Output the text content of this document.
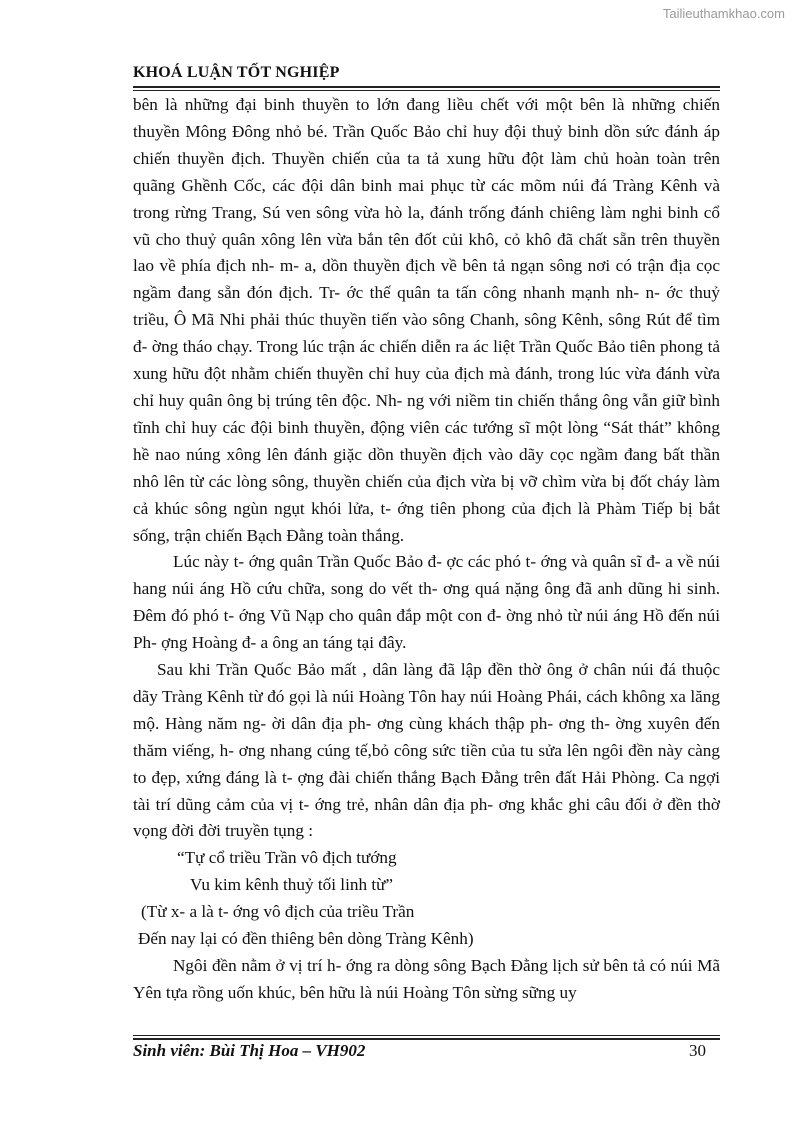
Tailieuthamkhao.com
KHOÁ LUẬN TỐT NGHIỆP

bên là những đại binh thuyền to lớn đang liều chết với một bên là những chiến thuyền Mông Đông nhỏ bé. Trần Quốc Bảo chỉ huy đội thuỷ binh dồn sức đánh áp chiến thuyền địch. Thuyền chiến của ta tả xung hữu đột làm chủ hoàn toàn trên quãng Ghềnh Cốc, các đội dân binh mai phục từ các mõm núi đá Tràng Kênh và trong rừng Trang, Sú ven sông vừa hò la, đánh trống đánh chiêng làm nghi binh cổ vũ cho thuỷ quân xông lên vừa bắn tên đốt củi khô, cỏ khô đã chất sẵn trên thuyền lao về phía địch nh- m- a, dồn thuyền địch về bên tả ngạn sông nơi có trận địa cọc ngầm đang sẵn đón địch. Tr- ớc thế quân ta tấn công nhanh mạnh nh- n- ớc thuỷ triều, Ô Mã Nhi phải thúc thuyền tiến vào sông Chanh, sông Kênh, sông Rút để tìm đ- ờng tháo chạy. Trong lúc trận ác chiến diễn ra ác liệt Trần Quốc Bảo tiên phong tả xung hữu đột nhằm chiến thuyền chỉ huy của địch mà đánh, trong lúc vừa đánh vừa chỉ huy quân ông bị trúng tên độc. Nh- ng với niềm tin chiến thắng ông vẫn giữ bình tĩnh chỉ huy các đội binh thuyền, động viên các tướng sĩ một lòng “Sát thát” không hề nao núng xông lên đánh giặc dồn thuyền địch vào dãy cọc ngầm đang bất thần nhô lên từ các lòng sông, thuyền chiến của địch vừa bị vỡ chìm vừa bị đốt cháy làm cả khúc sông ngùn ngụt khói lửa, t- ớng tiên phong của địch là Phàm Tiếp bị bắt sống, trận chiến Bạch Đằng toàn thắng.

Lúc này t- ớng quân Trần Quốc Bảo đ- ợc các phó t- ớng và quân sĩ đ- a về núi hang núi áng Hồ cứu chữa, song do vết th- ơng quá nặng ông đã anh dũng hi sinh. Đêm đó phó t- ớng Vũ Nạp cho quân đắp một con đ- ờng nhỏ từ núi áng Hồ đến núi Ph- ợng Hoàng đ- a ông an táng tại đây.

Sau khi Trần Quốc Bảo mất , dân làng đã lập đền thờ ông ở chân núi đá thuộc dãy Tràng Kênh từ đó gọi là núi Hoàng Tôn hay núi Hoàng Phái, cách không xa lăng mộ. Hàng năm ng- ời dân địa ph- ơng cùng khách thập ph- ơng th- ờng xuyên đến thăm viếng, h- ơng nhang cúng tế,bỏ công sức tiền của tu sửa lên ngôi đền này càng to đẹp, xứng đáng là t- ợng đài chiến thắng Bạch Đằng trên đất Hải Phòng. Ca ngợi tài trí dũng cảm của vị t- ớng trẻ, nhân dân địa ph- ơng khắc ghi câu đối ở đền thờ vọng đời đời truyền tụng :

“Tự cổ triều Trần vô địch tướng
Vu kim kênh thuỷ tối linh từ”
(Từ x- a là t- ớng vô địch của triều Trần
Đến nay lại có đền thiêng bên dòng Tràng Kênh)

Ngôi đền nằm ở vị trí h- ớng ra dòng sông Bạch Đằng lịch sử bên tả có núi Mã Yên tựa rồng uốn khúc, bên hữu là núi Hoàng Tôn sừng sững uy

Sinh viên: Bùi Thị Hoa – VH902	30
